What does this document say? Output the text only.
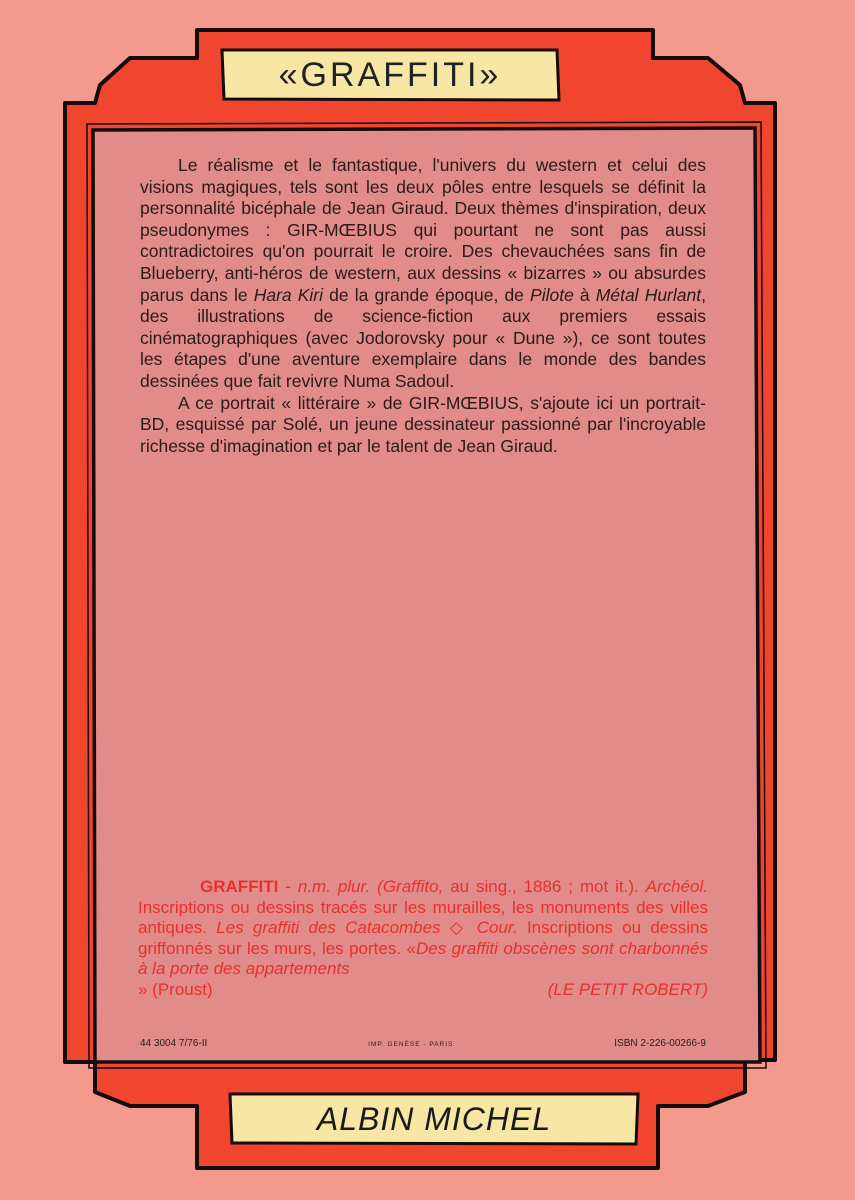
«GRAFFITI»

Le réalisme et le fantastique, l'univers du western et celui des visions magiques, tels sont les deux pôles entre lesquels se définit la personnalité bicéphale de Jean Giraud. Deux thèmes d'inspiration, deux pseudonymes : GIR-MŒBIUS qui pourtant ne sont pas aussi contradictoires qu'on pourrait le croire. Des chevauchées sans fin de Blueberry, anti-héros de western, aux dessins « bizarres » ou absurdes parus dans le Hara Kiri de la grande époque, de Pilote à Métal Hurlant, des illustrations de science-fiction aux premiers essais cinématographiques (avec Jodorovsky pour « Dune »), ce sont toutes les étapes d'une aventure exemplaire dans le monde des bandes dessinées que fait revivre Numa Sadoul.

A ce portrait « littéraire » de GIR-MŒBIUS, s'ajoute ici un portrait-BD, esquissé par Solé, un jeune dessinateur passionné par l'incroyable richesse d'imagination et par le talent de Jean Giraud.

GRAFFITI - n.m. plur. (Graffito, au sing., 1886 ; mot it.). Archéol. Inscriptions ou dessins tracés sur les murailles, les monuments des villes antiques. Les graffiti des Catacombes ◇ Cour. Inscriptions ou dessins griffonnés sur les murs, les portes. «Des graffiti obscènes sont charbonnés à la porte des appartements
» (Proust)	(LE PETIT ROBERT)
44 3004 7/76-II	IMP. GENÈSE - PARIS	ISBN 2-226-00266-9
ALBIN MICHEL
